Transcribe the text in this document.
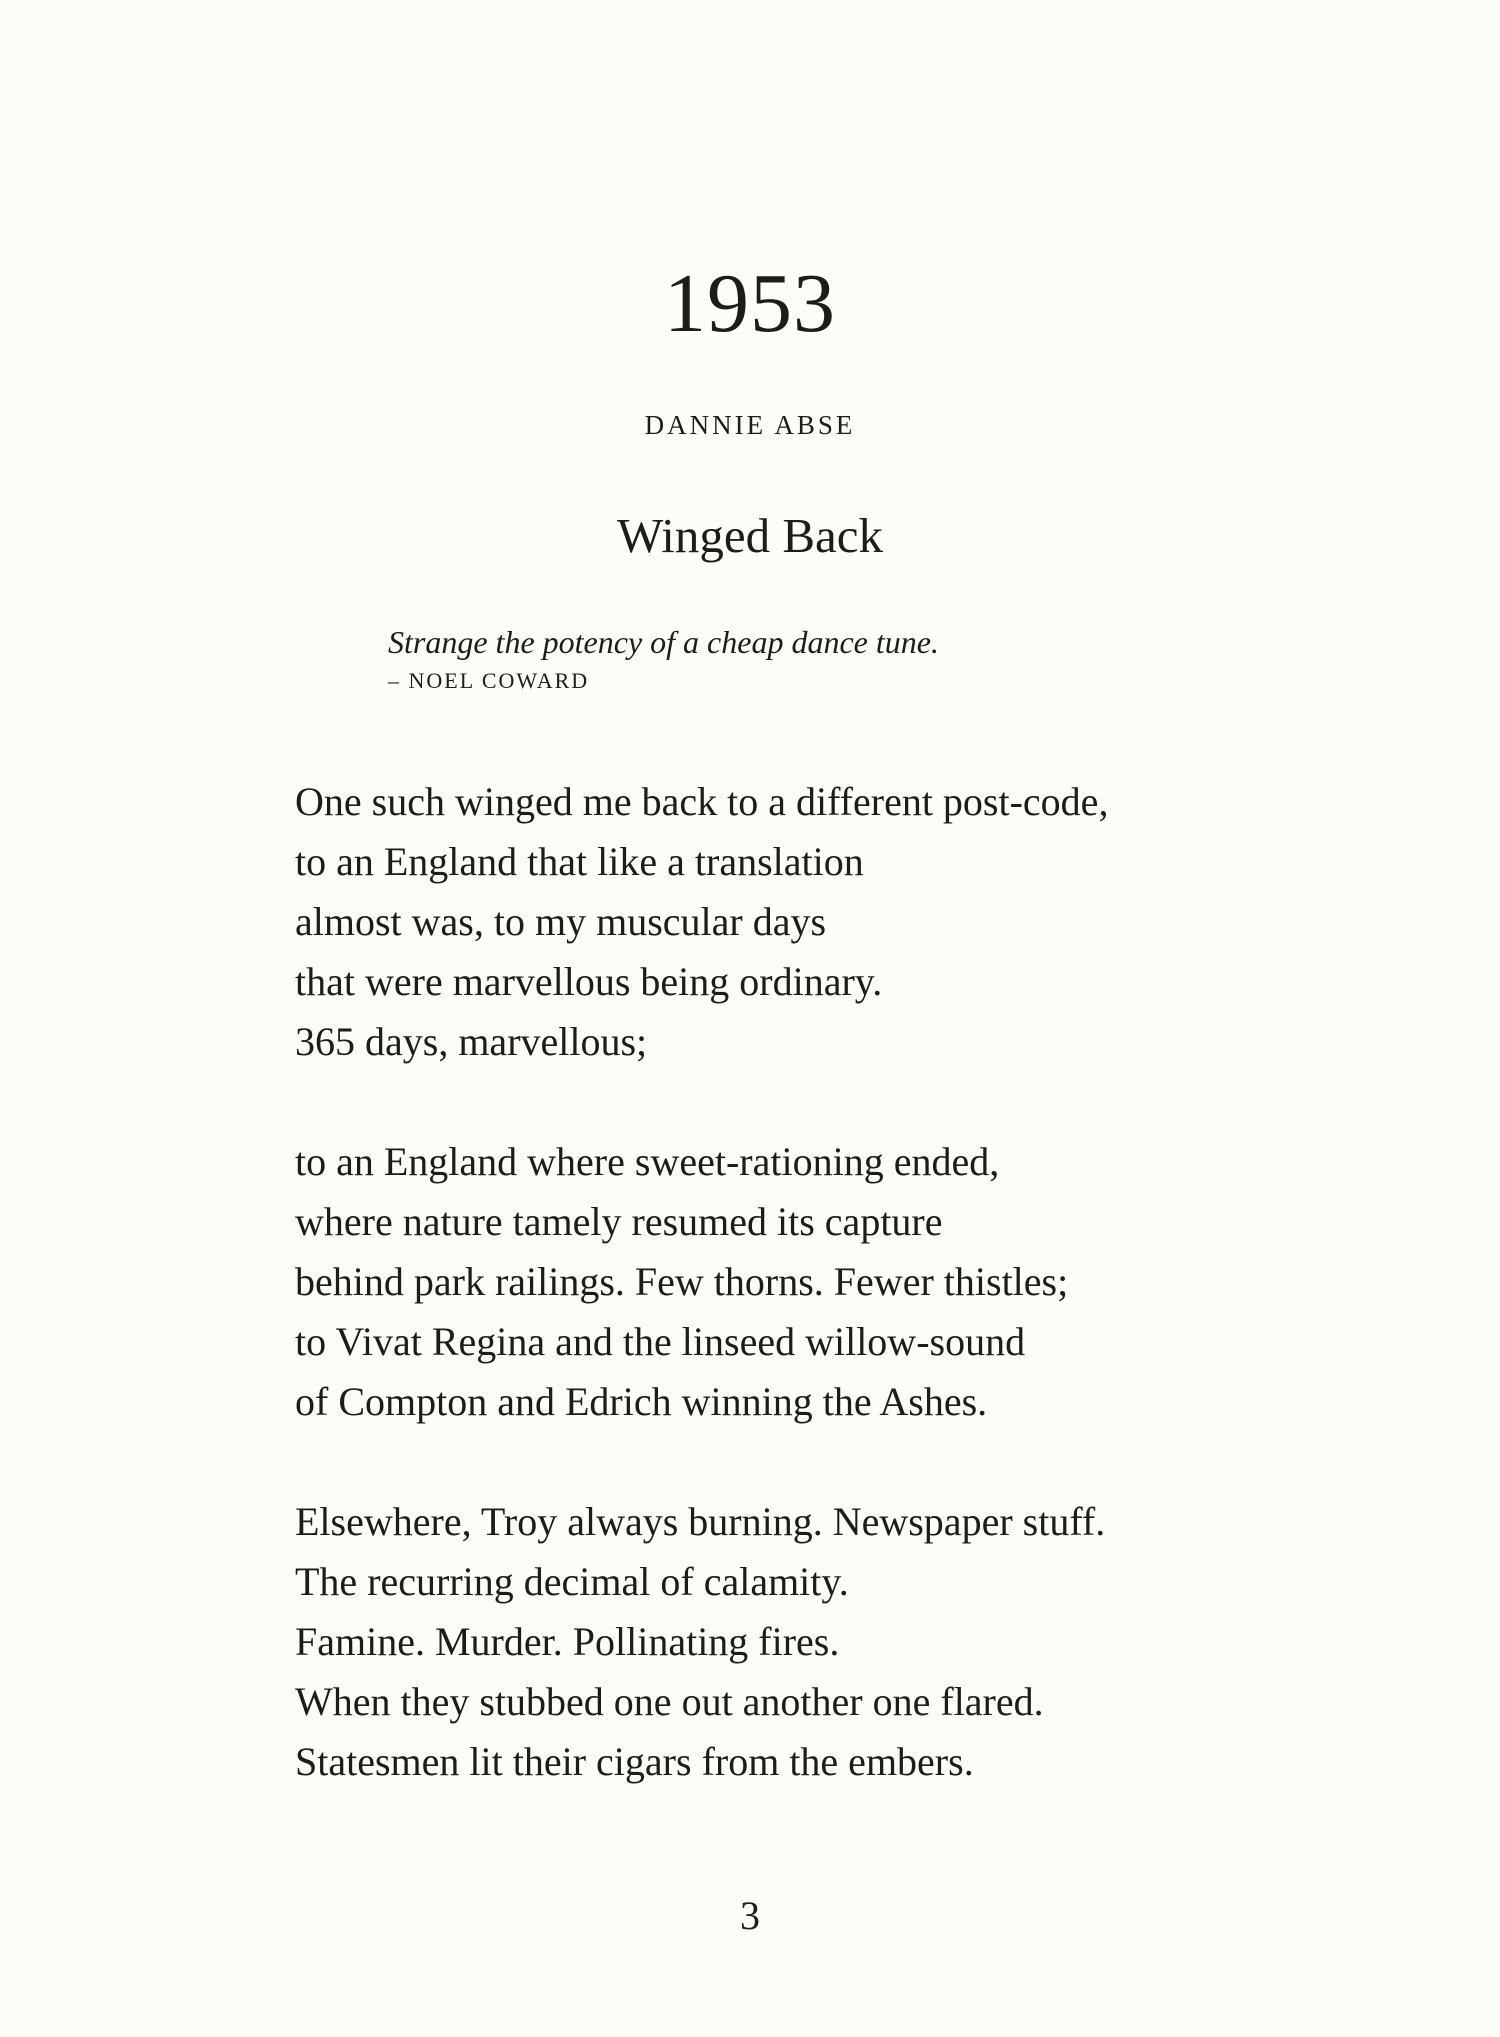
1953
DANNIE ABSE
Winged Back
Strange the potency of a cheap dance tune.
– NOEL COWARD
One such winged me back to a different post-code,
to an England that like a translation
almost was, to my muscular days
that were marvellous being ordinary.
365 days, marvellous;
to an England where sweet-rationing ended,
where nature tamely resumed its capture
behind park railings. Few thorns. Fewer thistles;
to Vivat Regina and the linseed willow-sound
of Compton and Edrich winning the Ashes.
Elsewhere, Troy always burning. Newspaper stuff.
The recurring decimal of calamity.
Famine. Murder. Pollinating fires.
When they stubbed one out another one flared.
Statesmen lit their cigars from the embers.
3
